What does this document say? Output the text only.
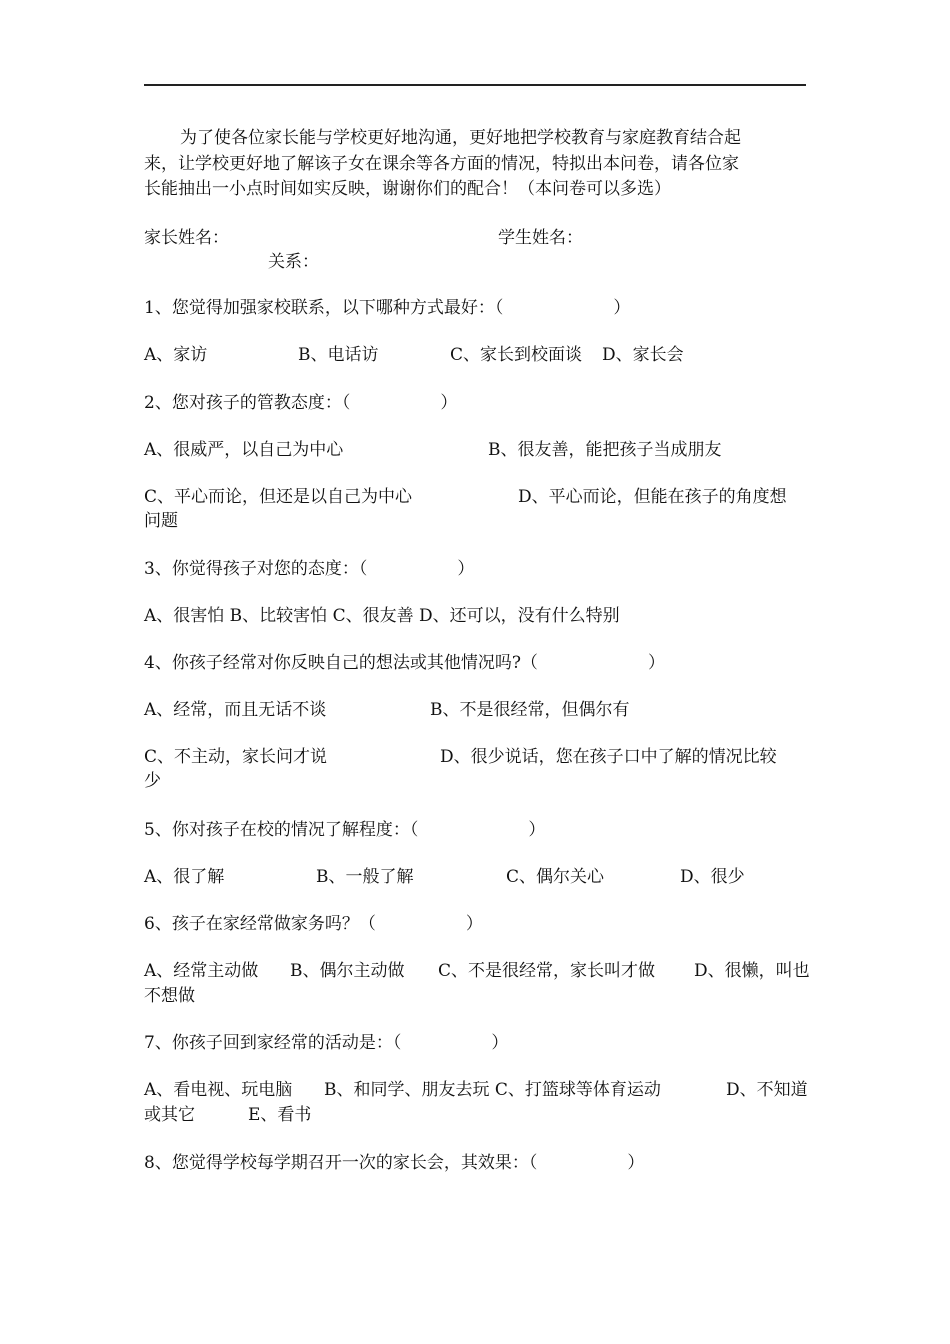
为了使各位家长能与学校更好地沟通，更好地把学校教育与家庭教育结合起
来，让学校更好地了解该子女在课余等各方面的情况，特拟出本问卷，请各位家
长能抽出一小点时间如实反映，谢谢你们的配合！（本问卷可以多选）
家长姓名：	学生姓名：
关系：
1、您觉得加强家校联系，以下哪种方式最好：（	）
A、家访	B、电话访	C、家长到校面谈 D、家长会
2、您对孩子的管教态度：（	）
A、很威严，以自己为中心	B、很友善，能把孩子当成朋友
C、平心而论，但还是以自己为中心	D、平心而论，但能在孩子的角度想
问题
3、你觉得孩子对您的态度：（	）
A、很害怕 B、比较害怕 C、很友善 D、还可以，没有什么特别
4、你孩子经常对你反映自己的想法或其他情况吗?（	）
A、经常，而且无话不谈	B、不是很经常，但偶尔有
C、不主动，家长问才说	D、很少说话，您在孩子口中了解的情况比较
少
5、你对孩子在校的情况了解程度：（	）
A、很了解	B、一般了解	C、偶尔关心	D、很少
6、孩子在家经常做家务吗？（	）
A、经常主动做 B、偶尔主动做 C、不是很经常，家长叫才做 D、很懒，叫也
不想做
7、你孩子回到家经常的活动是：（	）
A、看电视、玩电脑 B、和同学、朋友去玩 C、打篮球等体育运动	D、不知道
或其它	E、看书
8、您觉得学校每学期召开一次的家长会，其效果：（	）
